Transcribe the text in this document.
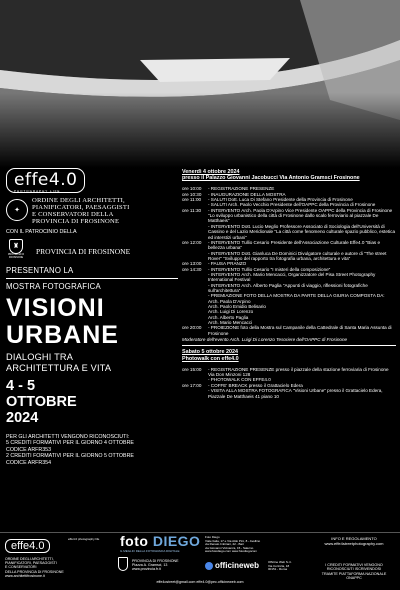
effe4.0
PHOTOGRAPHY LIFE
✦
ORDINE DEGLI ARCHITETTI,
PIANIFICATORI, PAESAGGISTI
E CONSERVATORI DELLA
PROVINCIA DI FROSINONE
CON IL PATROCINIO DELLA
♜
PROVINCIA DI FROSINONE
PROVINCIA DI FROSINONE
PRESENTANO LA
MOSTRA FOTOGRAFICA
VISIONI
URBANE
DIALOGHI TRA
ARCHITETTURA E VITA
4 - 5
OTTOBRE
2024
PER GLI ARCHITETTI VENGONO RICONOSCIUTI:
5 CREDITI FORMATIVI PER IL GIORNO 4 OTTOBRE
CODICE ARFR353
2 CREDITI FORMATIVI PER IL GIORNO 5 OTTOBRE
CODICE ARFR354
Venerdì 4 ottobre 2024
presso il Palazzo Giovanni Jacobucci Via Antonio Gramsci Frosinone
ore 10:00	- REGISTRAZIONE PRESENZE
ore 10:30	- INAUGURAZIONE DELLA MOSTRA
ore 11:00	- SALUTI Dott. Luca Di Stefano Presidente della Provincia di Frosinone
- SALUTI Arch. Paolo Vecchio Presidente dell'OAPPC della Provincia di Frosinone
ore 11:30	- INTERVENTO Arch. Paola D'Arpino Vice Presidente OAPPC della Provincia di Frosinone "Lo sviluppo urbanistico della città di Frosinone dallo scalo ferroviario al piazzale De Matthaeis"
- INTERVENTO Dott. Lucio Meglio Professore Associato di Sociologia dell'Università di Cassino e del Lazio Meridionale "La città come fenomeno culturale spazio pubblico, estetica ed interstizi urbani"
ore 12:00	- INTERVENTO Tullio Cesario Presidente dell'Associazione Culturale Effe4.0 "Bias e bellezza urbana"
- INTERVENTO Dott. Gianluca De Dominici Divulgatore culturale e autore di "The street Rover" "Sviluppo del rapporto tra fotografia urbana, architettura e vita"
ore 13:00	- PAUSA PRANZO
ore 14:30	- INTERVENTO Tullio Cesario "I misteri della composizione"
- INTERVENTO Arch. Mario Mencacci, Organizzatore del Pisa Street Photography International Festival
- INTERVENTO Arch. Alberto Paglia "Appunti di viaggio, riflessioni fotografiche sull'architettura"
- PREMIAZIONE FOTO DELLA MOSTRA DA PARTE DELLA GIURIA COMPOSTA DA:
Arch. Paola D'Arpino
Arch. Paolo Emidio Belisario
Arch. Luigi Di Lorenzo
Arch. Alberto Paglia
Arch. Mario Mencacci
ore 20:00	- PROIEZIONE foto della Mostra sul Campanile della Cattedrale di Santa Maria Assunta di Frosinone
Moderatore dell'evento Arch. Luigi Di Lorenzo Tesoriere dell'OAPPC di Frosinone
Sabato 5 ottobre 2024
Photowalk con effe4.0
ore 15:00	- REGISTRAZIONE PRESENZE presso il piazzale della stazione ferroviaria di Frosinone Via Don Minzoni 128
- PHOTOWALK CON EFFE4.0
ore 17:00	- COFFE' BREACK presso il Grattacielo Edera
- VISITA ALLA MOSTRA FOTOGRAFICA "Visioni Urbane" presso il Grattacielo Edera, Piazzale De Matthaeis 41 piano 10
effe4.0
effe4.0 photography life
ORDINE DEGLI ARCHITETTI,
PIANIFICATORI, PAESAGGISTI
E CONSERVATORI
DELLA PROVINCIA DI FROSINONE
www.architettifrosinone.it
PROVINCIA DI FROSINONE
Piazza A. Gramsci, 13
www.provincia.fr.it
foto DIEGO
IL MEGLIO DELLA FOTOGRAFIA DIGITALE
Foto Diego
Viale Italia, 17 e Via Aldo Pini, 8 - Avellino
via Renato Imbriani, 22 - Bari
via Giovanni Vicinanza, 15 - Salerno
www.fotodiego.com www.fotodiegocom
officineweb	Officine Web S.r.l.
Via Corinzia, 18
00151 - Roma
INFO E REGOLAMENTO
www.effe4streetphotography.com
I CREDITI FORMATIVI VENGONO
RICONOSCIUTI ISCRIVENDOSI
TRAMITE PIATTAFORMA NAZIONALE
ONAPPC
effe4ostreet@gmail.com effe4.0@pec.officineweb.com
